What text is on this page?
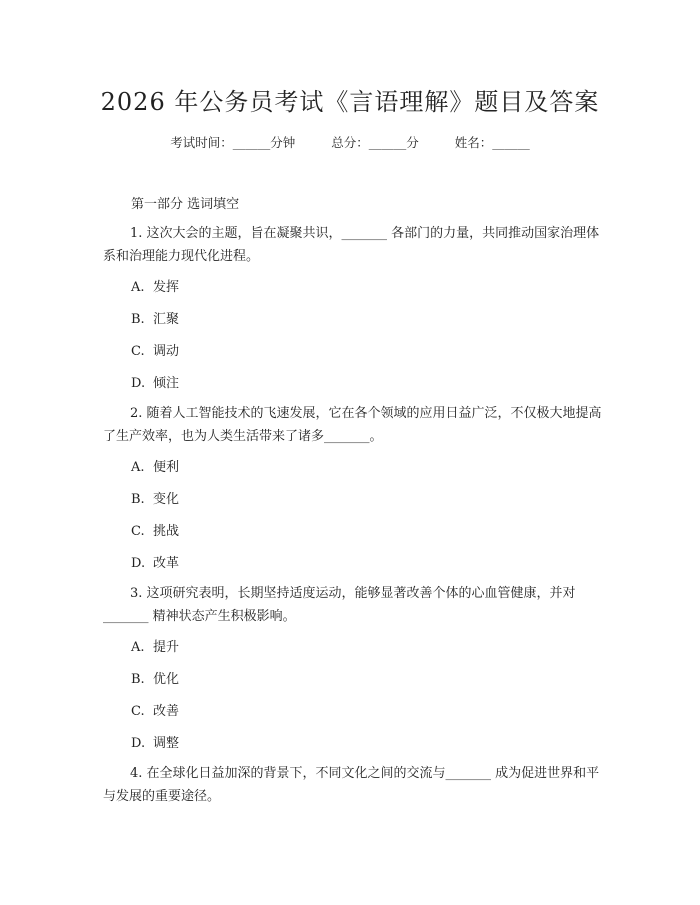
2026 年公务员考试《言语理解》题目及答案
考试时间：______分钟	总分：______分	姓名：______
第一部分 选词填空
1. 这次大会的主题，旨在凝聚共识，_______ 各部门的力量，共同推动国家治理体系和治理能力现代化进程。
A. 发挥
B. 汇聚
C. 调动
D. 倾注
2. 随着人工智能技术的飞速发展，它在各个领域的应用日益广泛，不仅极大地提高了生产效率，也为人类生活带来了诸多_______。
A. 便利
B. 变化
C. 挑战
D. 改革
3. 这项研究表明，长期坚持适度运动，能够显著改善个体的心血管健康，并对_______ 精神状态产生积极影响。
A. 提升
B. 优化
C. 改善
D. 调整
4. 在全球化日益加深的背景下，不同文化之间的交流与_______ 成为促进世界和平与发展的重要途径。
